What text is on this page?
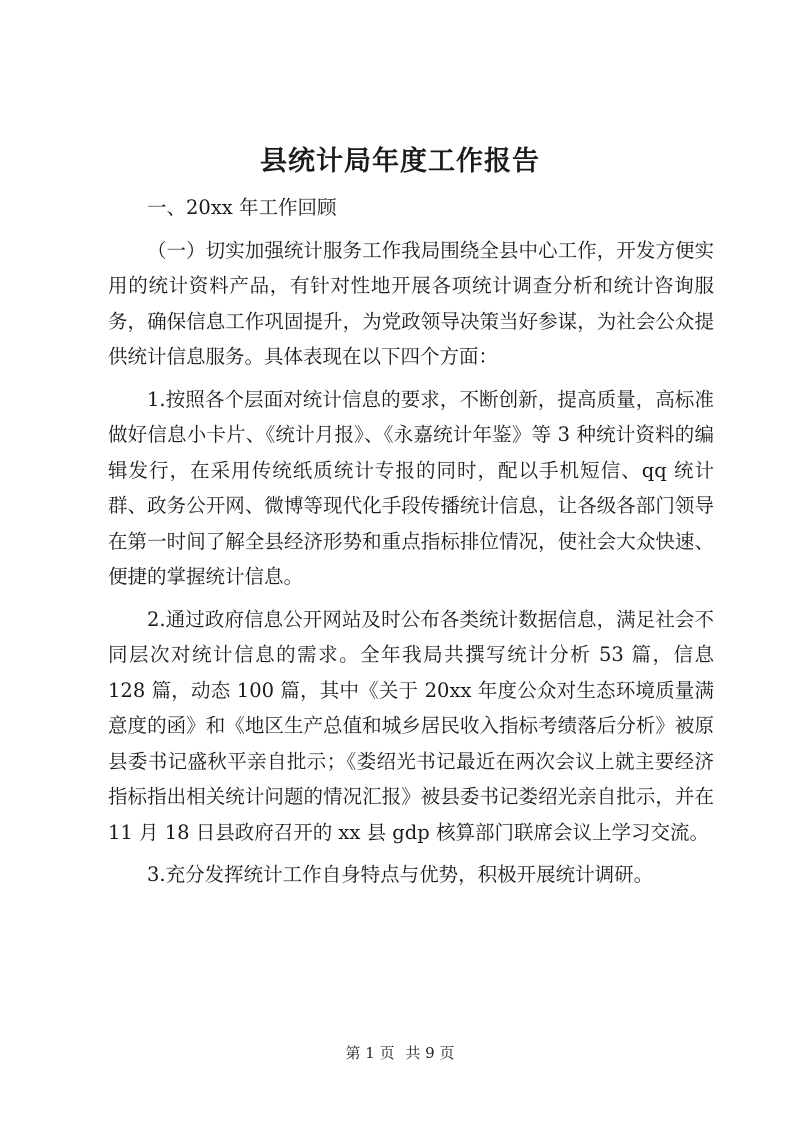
县统计局年度工作报告
一、20xx 年工作回顾

（一）切实加强统计服务工作我局围绕全县中心工作，开发方便实用的统计资料产品，有针对性地开展各项统计调查分析和统计咨询服务，确保信息工作巩固提升，为党政领导决策当好参谋，为社会公众提供统计信息服务。具体表现在以下四个方面：

1.按照各个层面对统计信息的要求，不断创新，提高质量，高标准做好信息小卡片、《统计月报》、《永嘉统计年鉴》等 3 种统计资料的编辑发行，在采用传统纸质统计专报的同时，配以手机短信、qq 统计群、政务公开网、微博等现代化手段传播统计信息，让各级各部门领导在第一时间了解全县经济形势和重点指标排位情况，使社会大众快速、便捷的掌握统计信息。

2.通过政府信息公开网站及时公布各类统计数据信息，满足社会不同层次对统计信息的需求。全年我局共撰写统计分析 53 篇，信息 128 篇，动态 100 篇，其中《关于 20xx 年度公众对生态环境质量满意度的函》和《地区生产总值和城乡居民收入指标考绩落后分析》被原县委书记盛秋平亲自批示；《娄绍光书记最近在两次会议上就主要经济指标指出相关统计问题的情况汇报》被县委书记娄绍光亲自批示，并在 11 月 18 日县政府召开的 xx 县 gdp 核算部门联席会议上学习交流。

3.充分发挥统计工作自身特点与优势，积极开展统计调研。

第 1 页 共 9 页
